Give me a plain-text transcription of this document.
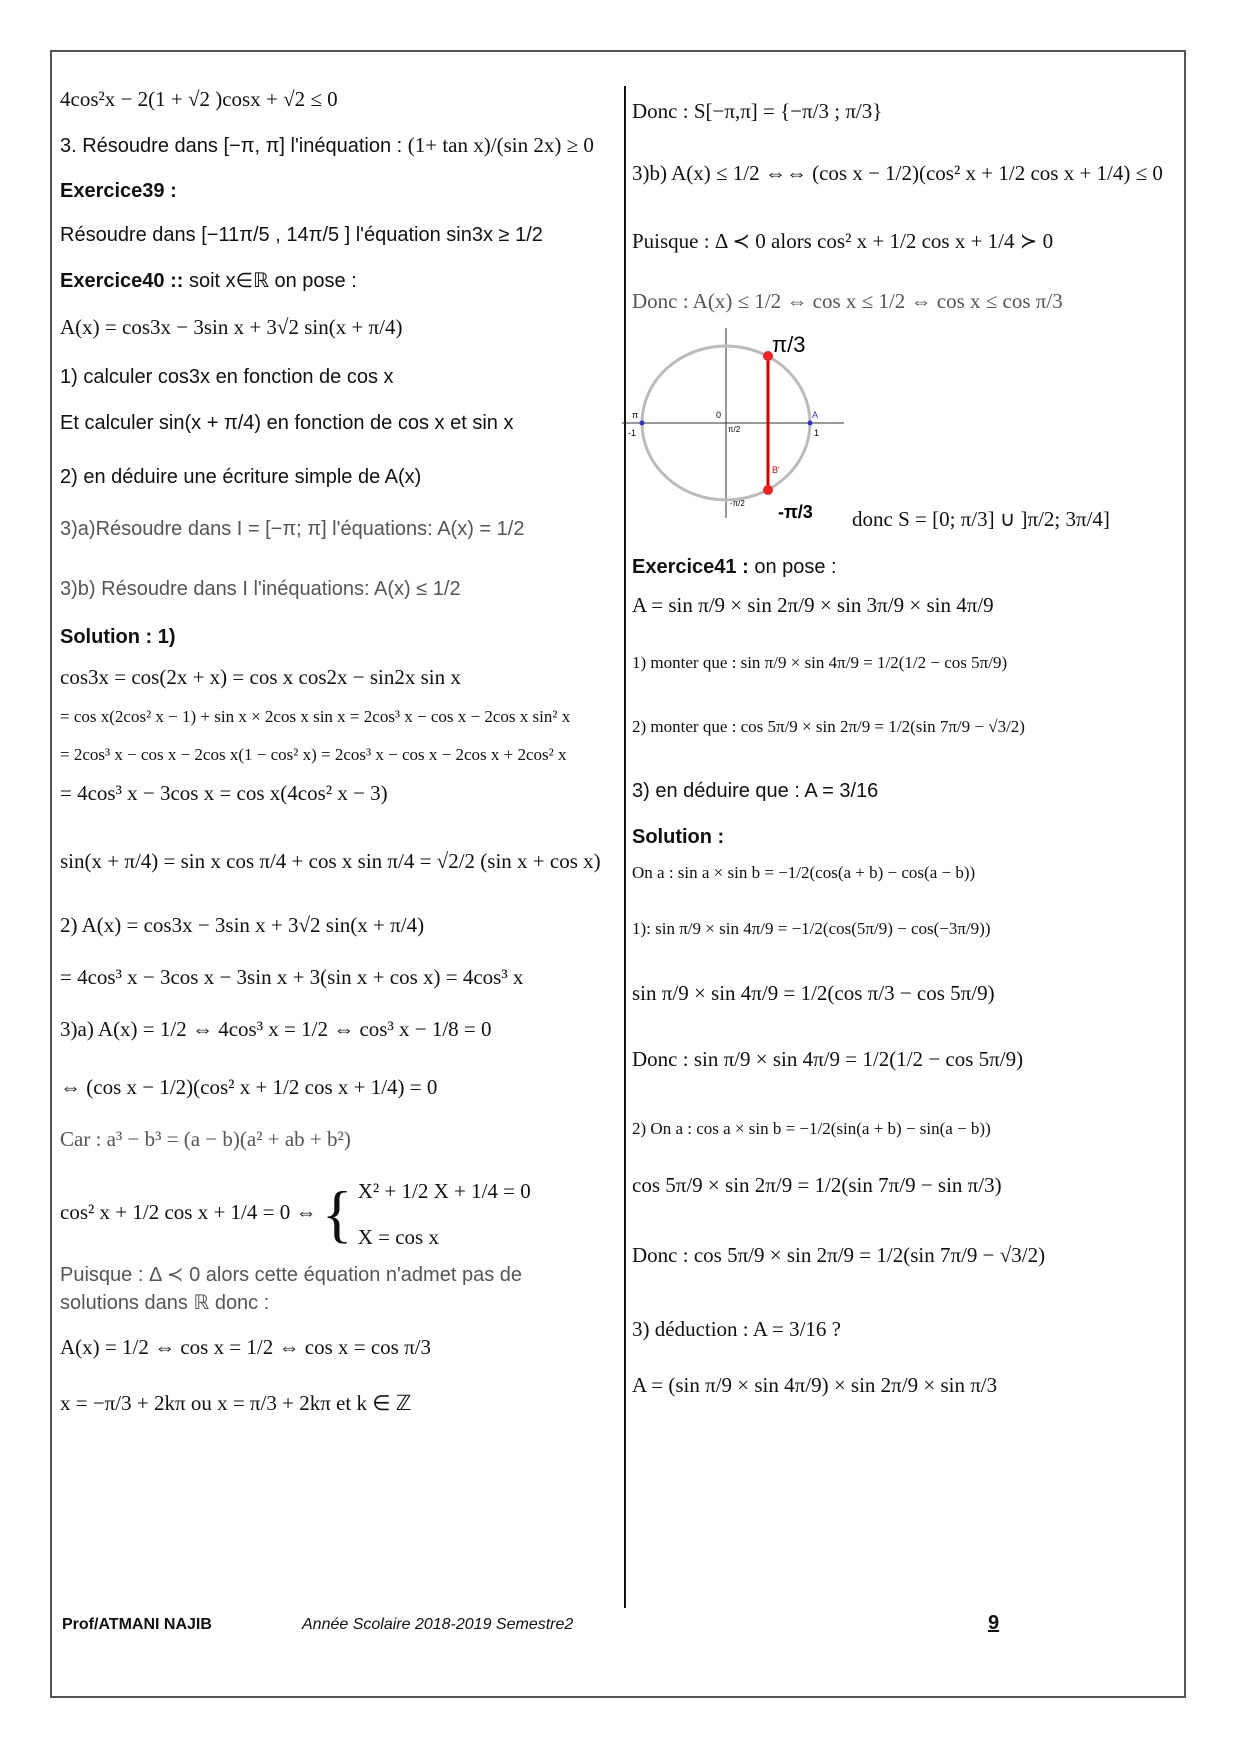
4cos²x − 2(1 + √2 )cosx + √2 ≤ 0
3. Résoudre dans [−π, π] l'inéquation : (1+ tan x)/(sin 2x) ≥ 0
Exercice39 :
Résoudre dans [−11π/5 , 14π/5 ] l'équation sin3x ≥ 1/2
Exercice40 :: soit x∈ℝ on pose :
A(x) = cos3x − 3sin x + 3√2 sin(x + π/4)
1) calculer cos3x en fonction de cos x
Et calculer sin(x + π/4) en fonction de cos x et sin x
2) en déduire une écriture simple de A(x)
3)a)Résoudre dans I = [−π; π] l'équations: A(x) = 1/2
3)b) Résoudre dans I l'inéquations: A(x) ≤ 1/2
Solution : 1)
cos3x = cos(2x + x) = cos x cos2x − sin2x sin x
= cos x(2cos² x − 1) + sin x × 2cos x sin x = 2cos³ x − cos x − 2cos x sin² x
= 2cos³ x − cos x − 2cos x(1 − cos² x) = 2cos³ x − cos x − 2cos x + 2cos² x
= 4cos³ x − 3cos x = cos x(4cos² x − 3)
sin(x + π/4) = sin x cos π/4 + cos x sin π/4 = √2/2 (sin x + cos x)
2) A(x) = cos3x − 3sin x + 3√2 sin(x + π/4)
= 4cos³ x − 3cos x − 3sin x + 3(sin x + cos x) = 4cos³ x
3)a) A(x) = 1/2 ⇔ 4cos³ x = 1/2 ⇔ cos³ x − 1/8 = 0
⇔ (cos x − 1/2)(cos² x + 1/2 cos x + 1/4) = 0
Car : a³ − b³ = (a − b)(a² + ab + b²)
cos² x + 1/2 cos x + 1/4 = 0 ⇔ { X² + 1/2 X + 1/4 = 0
X = cos x
Puisque : Δ ≺ 0 alors cette équation n'admet pas de
solutions dans ℝ donc :
A(x) = 1/2 ⇔ cos x = 1/2 ⇔ cos x = cos π/3
x = −π/3 + 2kπ ou x = π/3 + 2kπ et k ∈ ℤ
Donc : S[−π,π] = {−π/3 ; π/3}
3)b) A(x) ≤ 1/2 ⇔⇔ (cos x − 1/2)(cos² x + 1/2 cos x + 1/4) ≤ 0
Puisque : Δ ≺ 0 alors cos² x + 1/2 cos x + 1/4 ≻ 0
Donc : A(x) ≤ 1/2 ⇔ cos x ≤ 1/2 ⇔ cos x ≤ cos π/3
π/3
-π/3
π	A
B'
0
1
-1	π/2
-π/2
donc S = [0; π/3] ∪ ]π/2; 3π/4]
Exercice41 : on pose :
A = sin π/9 × sin 2π/9 × sin 3π/9 × sin 4π/9
1) monter que : sin π/9 × sin 4π/9 = 1/2(1/2 − cos 5π/9)
2) monter que : cos 5π/9 × sin 2π/9 = 1/2(sin 7π/9 − √3/2)
3) en déduire que : A = 3/16
Solution :
On a : sin a × sin b = −1/2(cos(a + b) − cos(a − b))
1): sin π/9 × sin 4π/9 = −1/2(cos(5π/9) − cos(−3π/9))
sin π/9 × sin 4π/9 = 1/2(cos π/3 − cos 5π/9)
Donc : sin π/9 × sin 4π/9 = 1/2(1/2 − cos 5π/9)
2) On a : cos a × sin b = −1/2(sin(a + b) − sin(a − b))
cos 5π/9 × sin 2π/9 = 1/2(sin 7π/9 − sin π/3)
Donc : cos 5π/9 × sin 2π/9 = 1/2(sin 7π/9 − √3/2)
3) déduction : A = 3/16 ?
A = (sin π/9 × sin 4π/9) × sin 2π/9 × sin π/3
Prof/ATMANI NAJIB	Année Scolaire 2018-2019 Semestre2	9
